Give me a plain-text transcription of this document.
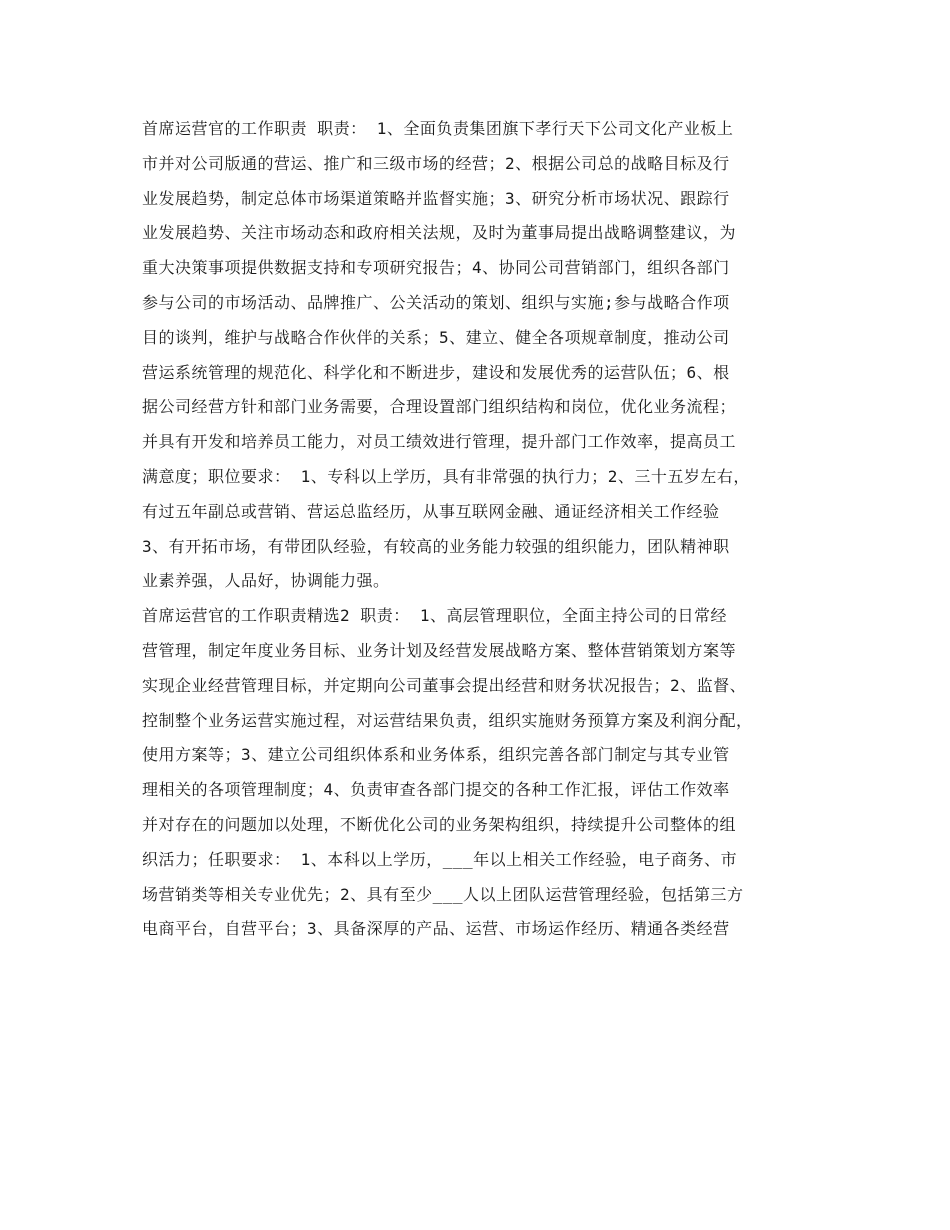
首席运营官的工作职责 职责： 1、全面负责集团旗下孝行天下公司文化产业板上
市并对公司版通的营运、推广和三级市场的经营；2、根据公司总的战略目标及行
业发展趋势，制定总体市场渠道策略并监督实施；3、研究分析市场状况、跟踪行
业发展趋势、关注市场动态和政府相关法规，及时为董事局提出战略调整建议，为
重大决策事项提供数据支持和专项研究报告；4、协同公司营销部门，组织各部门
参与公司的市场活动、品牌推广、公关活动的策划、组织与实施;参与战略合作项
目的谈判，维护与战略合作伙伴的关系；5、建立、健全各项规章制度，推动公司
营运系统管理的规范化、科学化和不断进步，建设和发展优秀的运营队伍；6、根
据公司经营方针和部门业务需要，合理设置部门组织结构和岗位，优化业务流程；
并具有开发和培养员工能力，对员工绩效进行管理，提升部门工作效率，提高员工
满意度；职位要求： 1、专科以上学历，具有非常强的执行力；2、三十五岁左右，
有过五年副总或营销、营运总监经历，从事互联网金融、通证经济相关工作经验
3、有开拓市场，有带团队经验，有较高的业务能力较强的组织能力，团队精神职
业素养强，人品好，协调能力强。
首席运营官的工作职责精选2 职责： 1、高层管理职位，全面主持公司的日常经
营管理，制定年度业务目标、业务计划及经营发展战略方案、整体营销策划方案等
实现企业经营管理目标，并定期向公司董事会提出经营和财务状况报告；2、监督、
控制整个业务运营实施过程，对运营结果负责，组织实施财务预算方案及利润分配，
使用方案等；3、建立公司组织体系和业务体系，组织完善各部门制定与其专业管
理相关的各项管理制度；4、负责审查各部门提交的各种工作汇报，评估工作效率
并对存在的问题加以处理，不断优化公司的业务架构组织，持续提升公司整体的组
织活力；任职要求： 1、本科以上学历，___年以上相关工作经验，电子商务、市
场营销类等相关专业优先；2、具有至少___人以上团队运营管理经验，包括第三方
电商平台，自营平台；3、具备深厚的产品、运营、市场运作经历、精通各类经营
